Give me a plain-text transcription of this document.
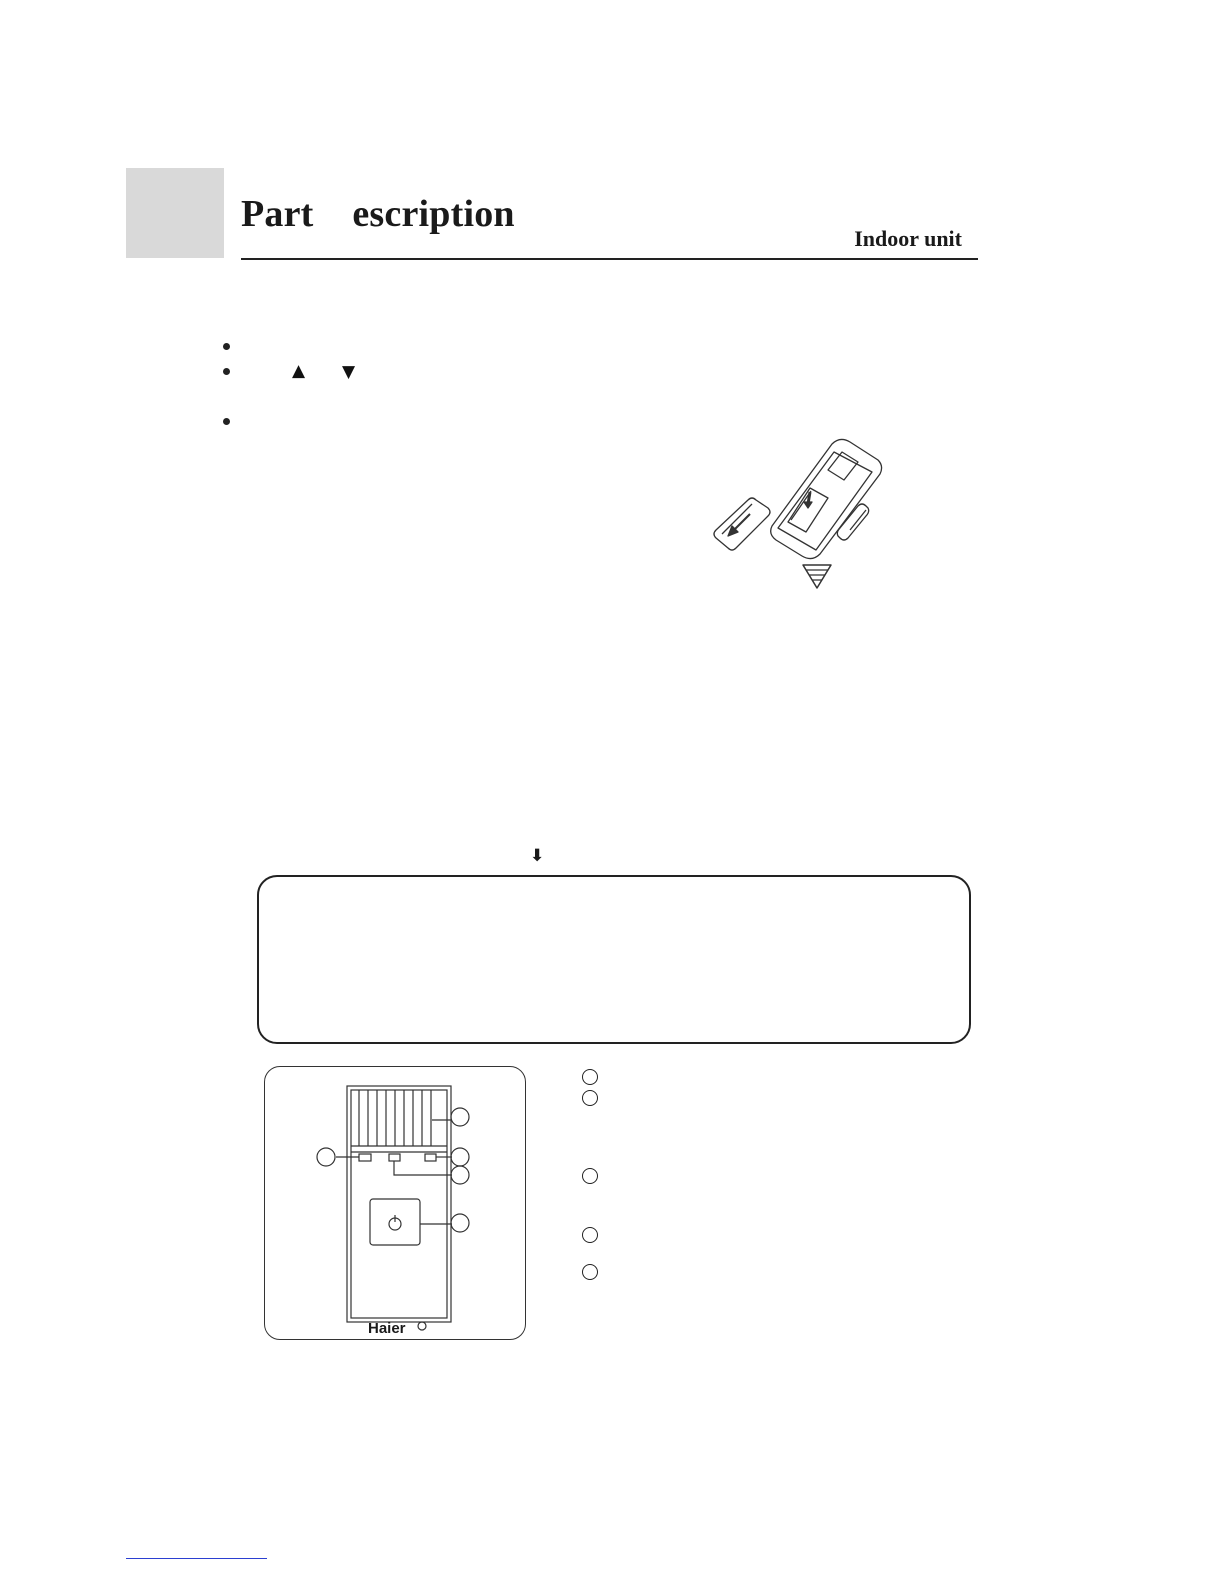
Part    escription
Indoor unit
▲ ▼
⬇
Haier
